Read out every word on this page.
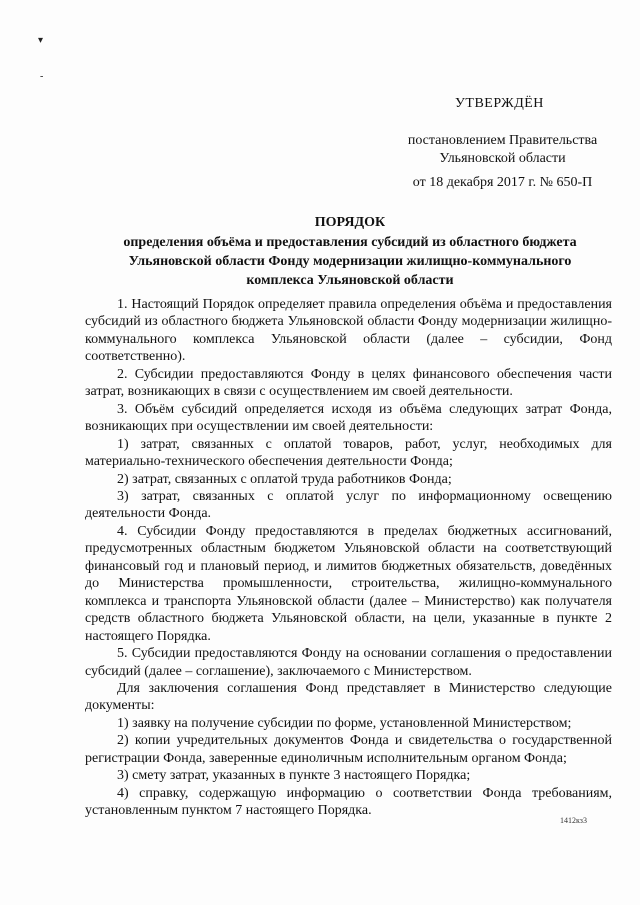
▾
-
УТВЕРЖДЁН
постановлением Правительства
Ульяновской области
от 18 декабря 2017 г. № 650-П
ПОРЯДОК
определения объёма и предоставления субсидий из областного бюджета
Ульяновской области Фонду модернизации жилищно-коммунального
комплекса Ульяновской области

1. Настоящий Порядок определяет правила определения объёма и предоставления субсидий из областного бюджета Ульяновской области Фонду модернизации жилищно-коммунального комплекса Ульяновской области (далее – субсидии, Фонд соответственно).

2. Субсидии предоставляются Фонду в целях финансового обеспечения части затрат, возникающих в связи с осуществлением им своей деятельности.

3. Объём субсидий определяется исходя из объёма следующих затрат Фонда, возникающих при осуществлении им своей деятельности:

1) затрат, связанных с оплатой товаров, работ, услуг, необходимых для материально-технического обеспечения деятельности Фонда;

2) затрат, связанных с оплатой труда работников Фонда;

3) затрат, связанных с оплатой услуг по информационному освещению деятельности Фонда.

4. Субсидии Фонду предоставляются в пределах бюджетных ассигнований, предусмотренных областным бюджетом Ульяновской области на соответствующий финансовый год и плановый период, и лимитов бюджетных обязательств, доведённых до Министерства промышленности, строительства, жилищно-коммунального комплекса и транспорта Ульяновской области (далее – Министерство) как получателя средств областного бюджета Ульяновской области, на цели, указанные в пункте 2 настоящего Порядка.

5. Субсидии предоставляются Фонду на основании соглашения о предоставлении субсидий (далее – соглашение), заключаемого с Министерством.

Для заключения соглашения Фонд представляет в Министерство следующие документы:

1) заявку на получение субсидии по форме, установленной Министерством;

2) копии учредительных документов Фонда и свидетельства о государственной регистрации Фонда, заверенные единоличным исполнительным органом Фонда;

3) смету затрат, указанных в пункте 3 настоящего Порядка;

4) справку, содержащую информацию о соответствии Фонда требованиям, установленным пунктом 7 настоящего Порядка.

1412кз3
